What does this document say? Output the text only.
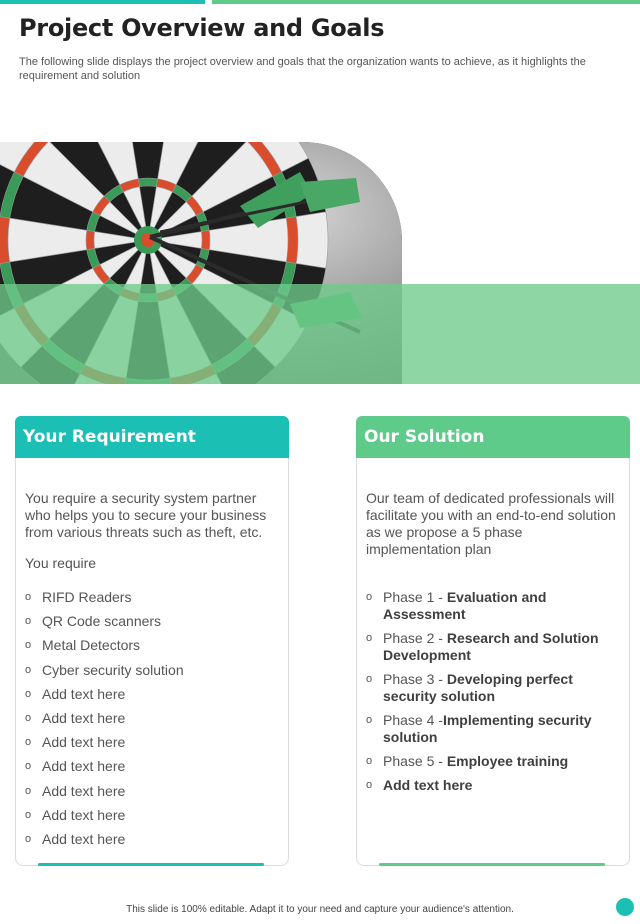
Project Overview and Goals
The following slide displays the project overview and goals that the organization wants to achieve, as it highlights the requirement and solution
Your Requirement
You require a security system partner who helps you to secure your business from various threats such as theft, etc.
You require
o RIFD Readers
o QR Code scanners
o Metal Detectors
o Cyber security solution
o Add text here
o Add text here
o Add text here
o Add text here
o Add text here
o Add text here
o Add text here
Our Solution
Our team of dedicated professionals will facilitate you with an end-to-end solution as we propose a 5 phase implementation plan
o Phase 1 - Evaluation and Assessment
o Phase 2 - Research and Solution Development
o Phase 3 - Developing perfect security solution
o Phase 4 -Implementing security solution
o Phase 5 - Employee training
o Add text here
This slide is 100% editable. Adapt it to your need and capture your audience's attention.
